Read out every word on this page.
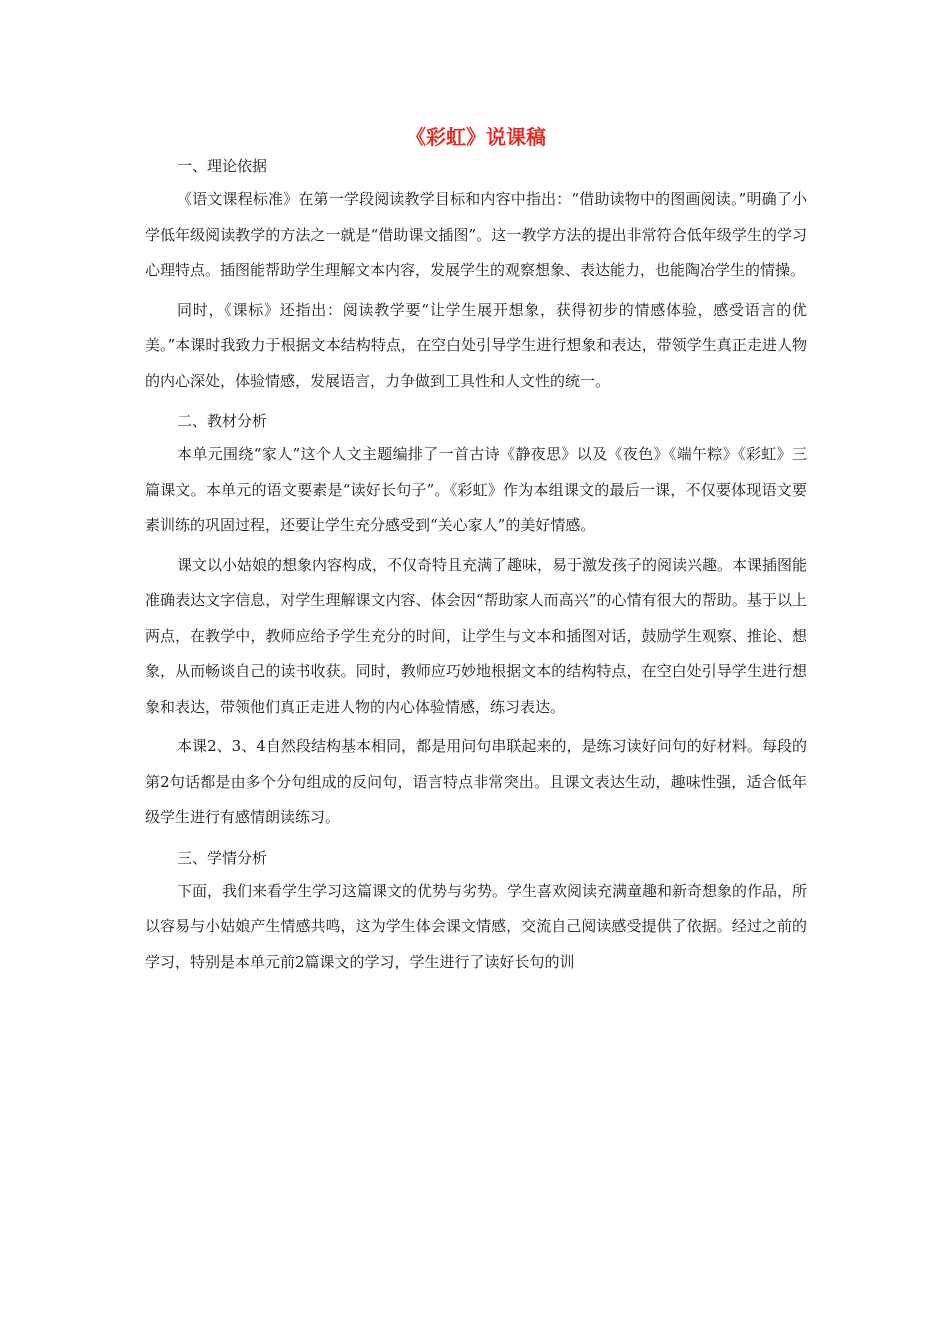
《彩虹》说课稿

一、理论依据

《语文课程标准》在第一学段阅读教学目标和内容中指出：“借助读物中的图画阅读。”明确了小学低年级阅读教学的方法之一就是“借助课文插图”。这一教学方法的提出非常符合低年级学生的学习心理特点。插图能帮助学生理解文本内容，发展学生的观察想象、表达能力，也能陶冶学生的情操。

同时，《课标》还指出：阅读教学要“让学生展开想象，获得初步的情感体验，感受语言的优美。”本课时我致力于根据文本结构特点，在空白处引导学生进行想象和表达，带领学生真正走进人物的内心深处，体验情感，发展语言，力争做到工具性和人文性的统一。

二、教材分析

本单元围绕“家人”这个人文主题编排了一首古诗《静夜思》以及《夜色》《端午粽》《彩虹》三篇课文。本单元的语文要素是“读好长句子”。《彩虹》作为本组课文的最后一课，不仅要体现语文要素训练的巩固过程，还要让学生充分感受到“关心家人”的美好情感。

课文以小姑娘的想象内容构成，不仅奇特且充满了趣味，易于激发孩子的阅读兴趣。本课插图能准确表达文字信息，对学生理解课文内容、体会因“帮助家人而高兴”的心情有很大的帮助。基于以上两点，在教学中，教师应给予学生充分的时间，让学生与文本和插图对话，鼓励学生观察、推论、想象，从而畅谈自己的读书收获。同时，教师应巧妙地根据文本的结构特点，在空白处引导学生进行想象和表达，带领他们真正走进人物的内心体验情感，练习表达。

本课2、3、4自然段结构基本相同，都是用问句串联起来的，是练习读好问句的好材料。每段的第2句话都是由多个分句组成的反问句，语言特点非常突出。且课文表达生动，趣味性强，适合低年级学生进行有感情朗读练习。

三、学情分析

下面，我们来看学生学习这篇课文的优势与劣势。学生喜欢阅读充满童趣和新奇想象的作品，所以容易与小姑娘产生情感共鸣，这为学生体会课文情感，交流自己阅读感受提供了依据。经过之前的学习，特别是本单元前2篇课文的学习，学生进行了读好长句的训
